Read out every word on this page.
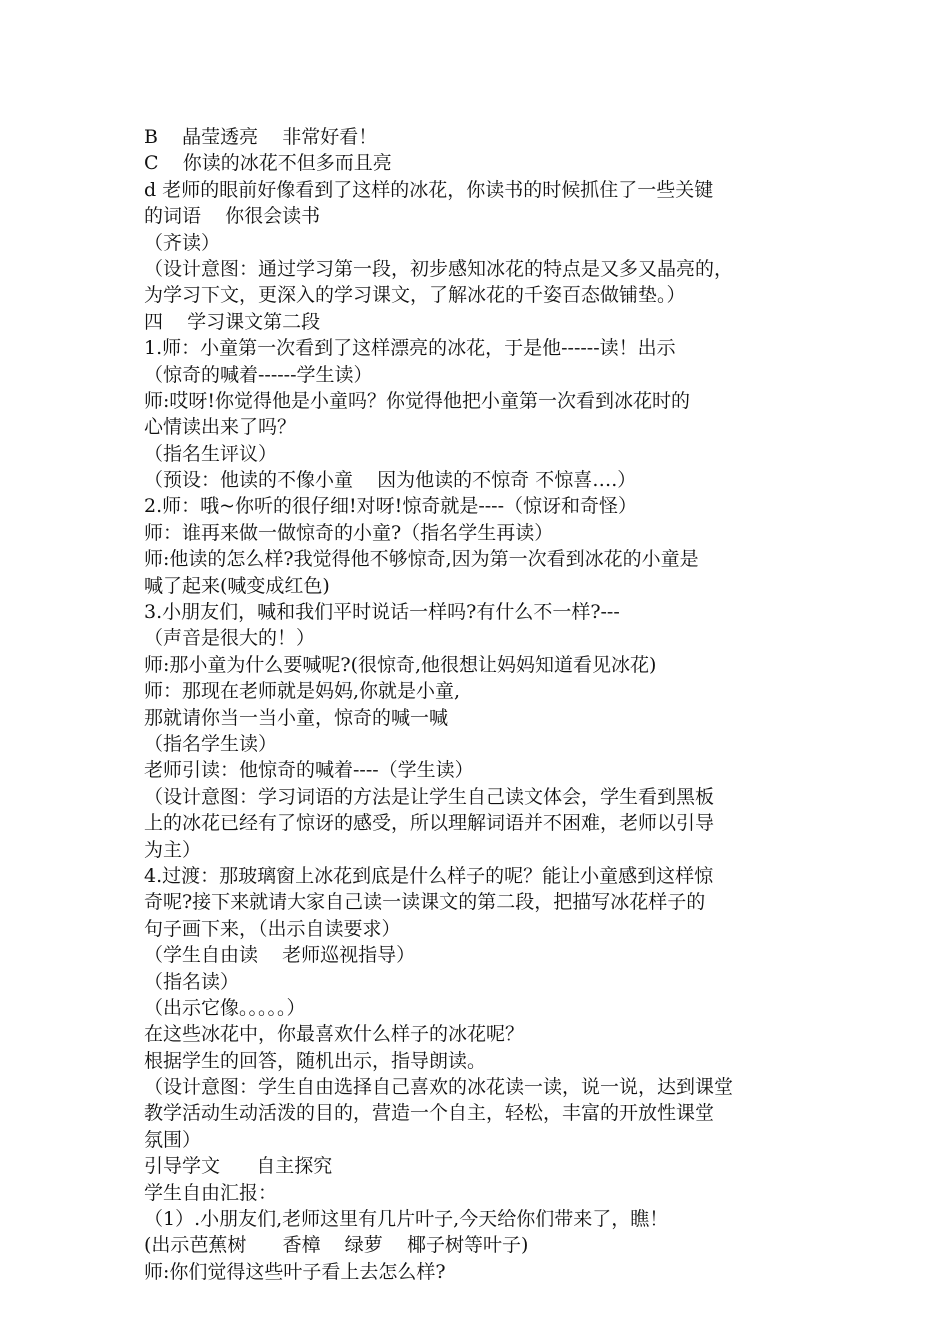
B    晶莹透亮    非常好看！
C    你读的冰花不但多而且亮
d 老师的眼前好像看到了这样的冰花，你读书的时候抓住了一些关键
的词语    你很会读书
（齐读）
（设计意图：通过学习第一段，初步感知冰花的特点是又多又晶亮的，
为学习下文，更深入的学习课文，了解冰花的千姿百态做铺垫。）
四    学习课文第二段
1.师：小童第一次看到了这样漂亮的冰花，于是他------读！出示
（惊奇的喊着------学生读）
师:哎呀!你觉得他是小童吗？你觉得他把小童第一次看到冰花时的
心情读出来了吗？
（指名生评议）
（预设：他读的不像小童    因为他读的不惊奇 不惊喜….）
2.师：哦~你听的很仔细!对呀!惊奇就是----（惊讶和奇怪）
师：谁再来做一做惊奇的小童?（指名学生再读）
师:他读的怎么样?我觉得他不够惊奇,因为第一次看到冰花的小童是
喊了起来(喊变成红色)
3.小朋友们，喊和我们平时说话一样吗?有什么不一样?---
（声音是很大的！）
师:那小童为什么要喊呢?(很惊奇,他很想让妈妈知道看见冰花)
师：那现在老师就是妈妈,你就是小童,
那就请你当一当小童，惊奇的喊一喊
（指名学生读）
老师引读：他惊奇的喊着----（学生读）
（设计意图：学习词语的方法是让学生自己读文体会，学生看到黑板
上的冰花已经有了惊讶的感受，所以理解词语并不困难，老师以引导
为主）
4.过渡：那玻璃窗上冰花到底是什么样子的呢？能让小童感到这样惊
奇呢?接下来就请大家自己读一读课文的第二段，把描写冰花样子的
句子画下来，（出示自读要求）
（学生自由读    老师巡视指导）
（指名读）
（出示它像。。。。。）
在这些冰花中，你最喜欢什么样子的冰花呢？
根据学生的回答，随机出示，指导朗读。
（设计意图：学生自由选择自己喜欢的冰花读一读，说一说，达到课堂
教学活动生动活泼的目的，营造一个自主，轻松，丰富的开放性课堂
氛围）
引导学文      自主探究
学生自由汇报：
（1）.小朋友们,老师这里有几片叶子,今天给你们带来了，瞧！
(出示芭蕉树      香樟    绿萝    椰子树等叶子)
师:你们觉得这些叶子看上去怎么样?
